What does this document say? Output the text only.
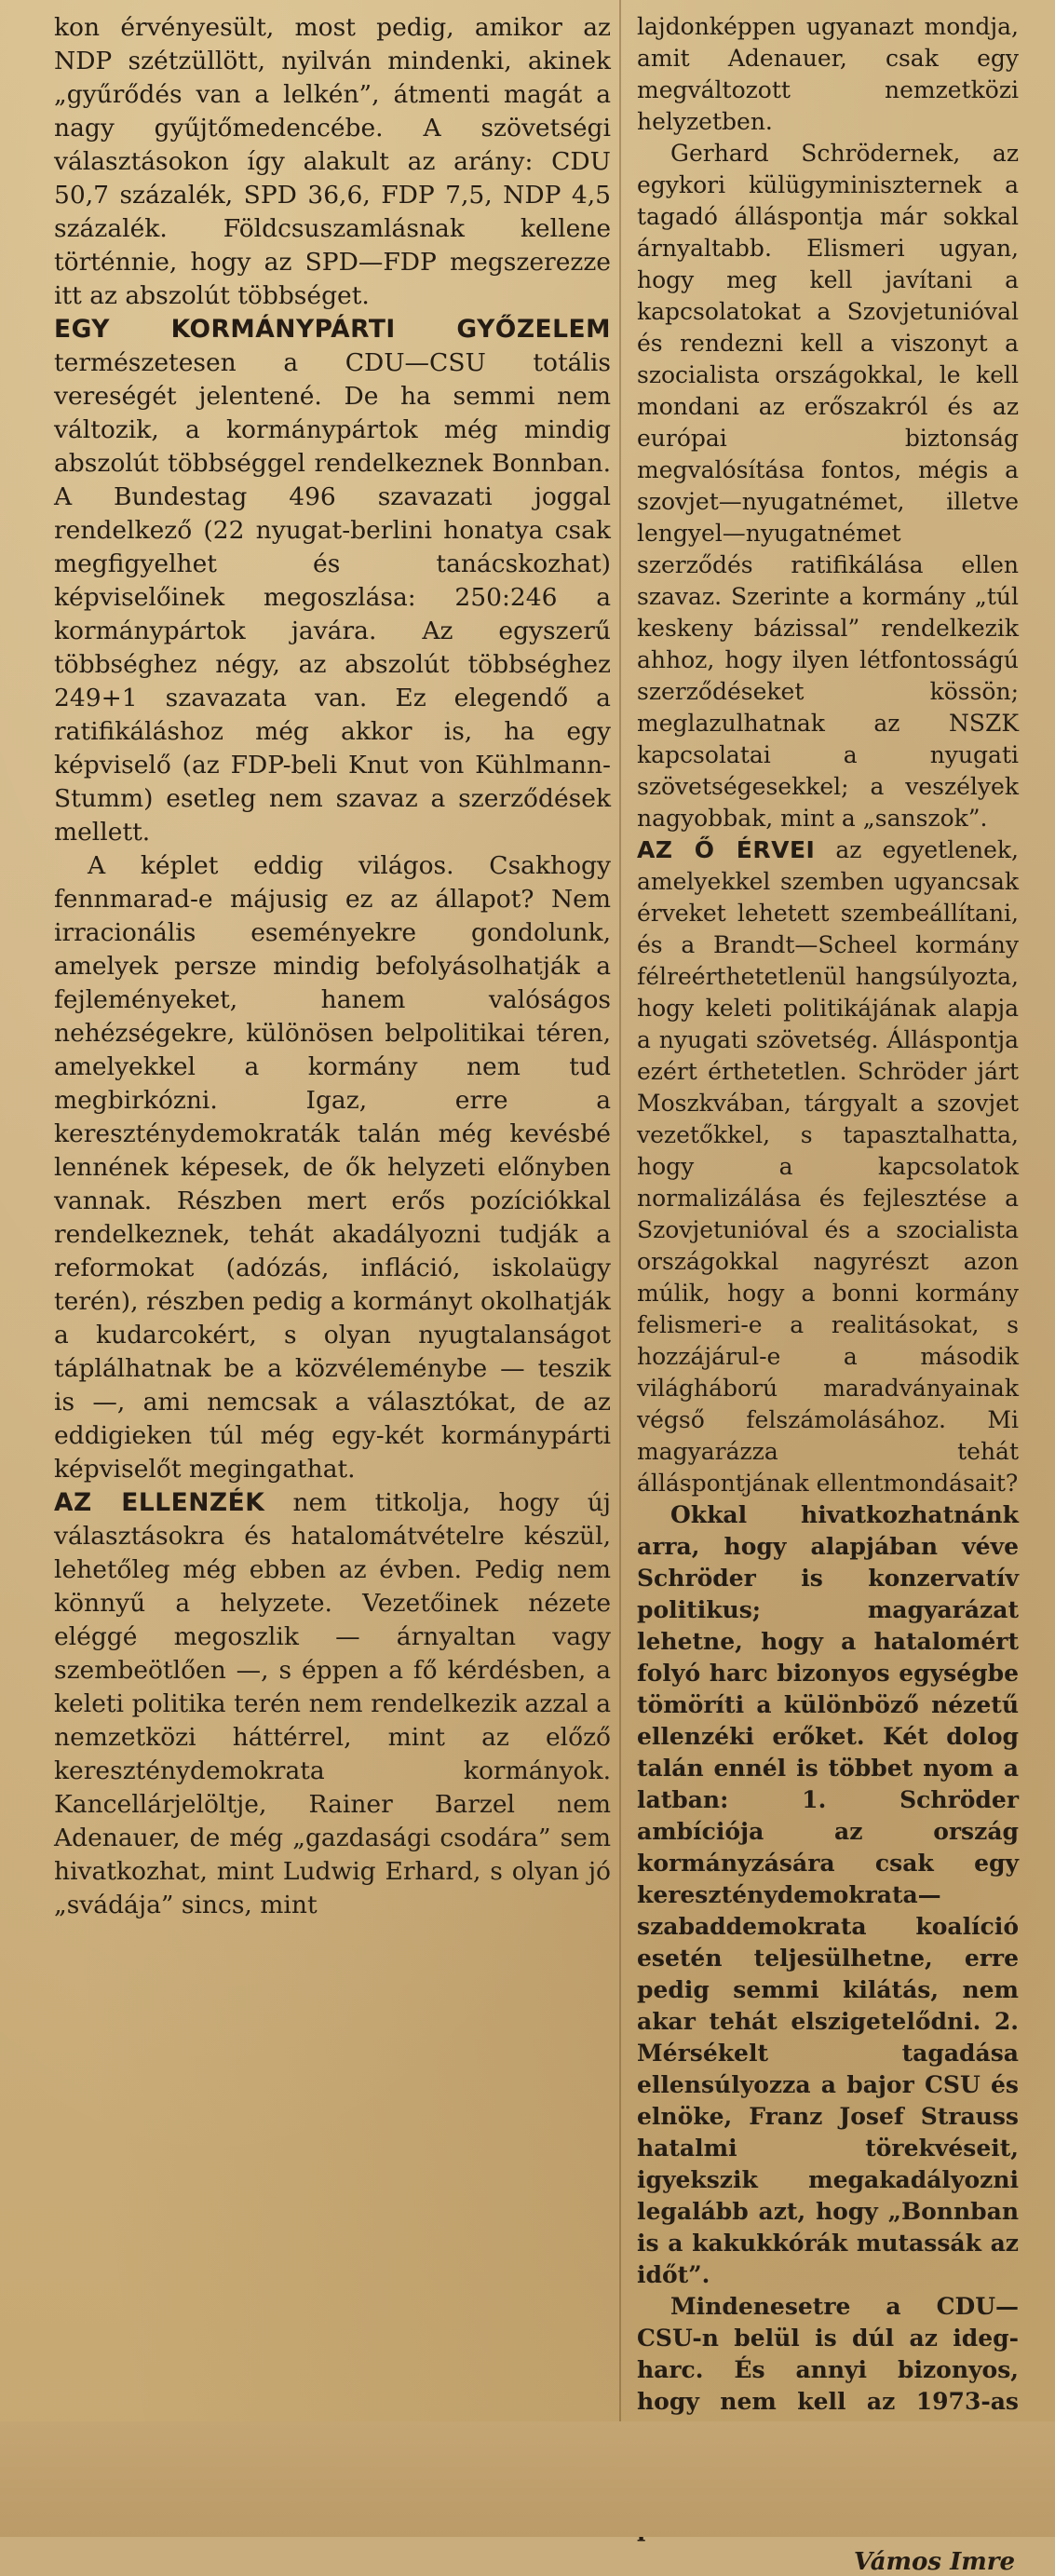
kon érvényesült, most pedig, amikor az NDP szétzüllött, nyilván mindenki, akinek „gyűrődés van a lelkén”, átmenti magát a nagy gyűjtőmedencébe. A szövetségi választásokon így alakult az arány: CDU 50,7 százalék, SPD 36,6, FDP 7,5, NDP 4,5 százalék. Földcsuszamlásnak kellene történnie, hogy az SPD—FDP megszerezze itt az abszolút többséget.

EGY KORMÁNYPÁRTI GYŐZELEM természetesen a CDU—CSU totális vereségét jelentené. De ha semmi nem változik, a kormánypártok még mindig abszolút többséggel rendelkeznek Bonnban. A Bundestag 496 szavazati joggal rendelkező (22 nyugat-berlini honatya csak megfigyelhet és tanácskozhat) képviselőinek megoszlása: 250:246 a kormánypártok javára. Az egyszerű többséghez négy, az abszolút többséghez 249+1 szavazata van. Ez elegendő a ratifikáláshoz még akkor is, ha egy képviselő (az FDP-beli Knut von Kühlmann-Stumm) esetleg nem szavaz a szerződések mellett.

A képlet eddig világos. Csakhogy fennmarad-e májusig ez az állapot? Nem irracionális eseményekre gondolunk, amelyek persze mindig befolyásolhatják a fejleményeket, hanem valóságos nehézségekre, különösen belpolitikai téren, amelyekkel a kormány nem tud megbirkózni. Igaz, erre a kereszténydemokraták talán még kevésbé lennének képesek, de ők helyzeti előnyben vannak. Részben mert erős pozíciókkal rendelkeznek, tehát akadályozni tudják a reformokat (adózás, infláció, iskolaügy terén), részben pedig a kormányt okolhatják a kudarcokért, s olyan nyugtalanságot táplálhatnak be a közvéleménybe — teszik is —, ami nemcsak a választókat, de az eddigieken túl még egy-két kormánypárti képviselőt megingathat.

AZ ELLENZÉK nem titkolja, hogy új választásokra és hatalomátvételre készül, lehetőleg még ebben az évben. Pedig nem könnyű a helyzete. Vezetőinek nézete eléggé megoszlik — árnyaltan vagy szembeötlően —, s éppen a fő kérdésben, a keleti politika terén nem rendelkezik azzal a nemzetközi háttérrel, mint az előző kereszténydemokrata kormányok. Kancellárjelöltje, Rainer Barzel nem Adenauer, de még „gazdasági csodára” sem hivatkozhat, mint Ludwig Erhard, s olyan jó „svádája” sincs, mint

lajdonképpen ugyanazt mondja, amit Adenauer, csak egy megváltozott nemzetközi helyzetben.

Gerhard Schrödernek, az egykori külügyminiszternek a tagadó álláspontja már sokkal árnyaltabb. Elismeri ugyan, hogy meg kell javítani a kapcsolatokat a Szovjetunióval és rendezni kell a viszonyt a szocialista országokkal, le kell mondani az erőszakról és az európai biztonság megvalósítása fontos, mégis a szovjet—nyugatnémet, illetve lengyel—nyugatnémet szerződés ratifikálása ellen szavaz. Szerinte a kormány „túl keskeny bázissal” rendelkezik ahhoz, hogy ilyen létfontosságú szerződéseket kössön; meglazulhatnak az NSZK kapcsolatai a nyugati szövetségesekkel; a veszélyek nagyobbak, mint a „sanszok”.

AZ Ő ÉRVEI az egyetlenek, amelyekkel szemben ugyancsak érveket lehetett szembeállítani, és a Brandt—Scheel kormány félreérthetetlenül hangsúlyozta, hogy keleti politikájának alapja a nyugati szövetség. Álláspontja ezért érthetetlen. Schröder járt Moszkvában, tárgyalt a szovjet vezetőkkel, s tapasztalhatta, hogy a kapcsolatok normalizálása és fejlesztése a Szovjetunióval és a szocialista országokkal nagyrészt azon múlik, hogy a bonni kormány felismeri-e a realitásokat, s hozzájárul-e a második világháború maradványainak végső felszámolásához. Mi magyarázza tehát álláspontjának ellentmondásait?

Okkal hivatkozhatnánk arra, hogy alapjában véve Schröder is konzervatív politikus; magyarázat lehetne, hogy a hatalomért folyó harc bizonyos egységbe tömöríti a különböző nézetű ellenzéki erőket. Két dolog talán ennél is többet nyom a latban: 1. Schröder ambíciója az ország kormányzására csak egy kereszténydemokrata—szabaddemokrata koalíció esetén teljesülhetne, erre pedig semmi kilátás, nem akar tehát elszigetelődni. 2. Mérsékelt tagadása ellensúlyozza a bajor CSU és elnöke, Franz Josef Strauss hatalmi törekvéseit, igyekszik megakadályozni legalább azt, hogy „Bonnban is a kakukkórák mutassák az időt”.

Mindenesetre a CDU—CSU-n belül is dúl az ideg-harc. És annyi bizonyos, hogy nem kell az 1973-as

Vámos Imre
